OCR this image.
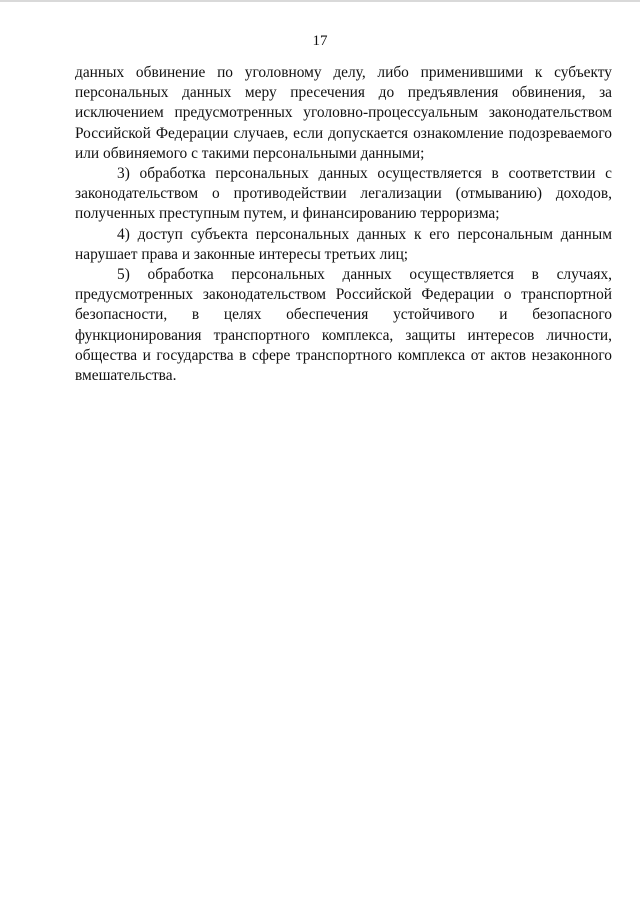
17

данных обвинение по уголовному делу, либо применившими к субъекту персональных данных меру пресечения до предъявления обвинения, за исключением предусмотренных уголовно-процессуальным законодательством Российской Федерации случаев, если допускается ознакомление подозреваемого или обвиняемого с такими персональными данными;

3) обработка персональных данных осуществляется в соответствии с законодательством о противодействии легализации (отмыванию) доходов, полученных преступным путем, и финансированию терроризма;

4) доступ субъекта персональных данных к его персональным данным нарушает права и законные интересы третьих лиц;

5) обработка персональных данных осуществляется в случаях, предусмотренных законодательством Российской Федерации о транспортной безопасности, в целях обеспечения устойчивого и безопасного функционирования транспортного комплекса, защиты интересов личности, общества и государства в сфере транспортного комплекса от актов незаконного вмешательства.
